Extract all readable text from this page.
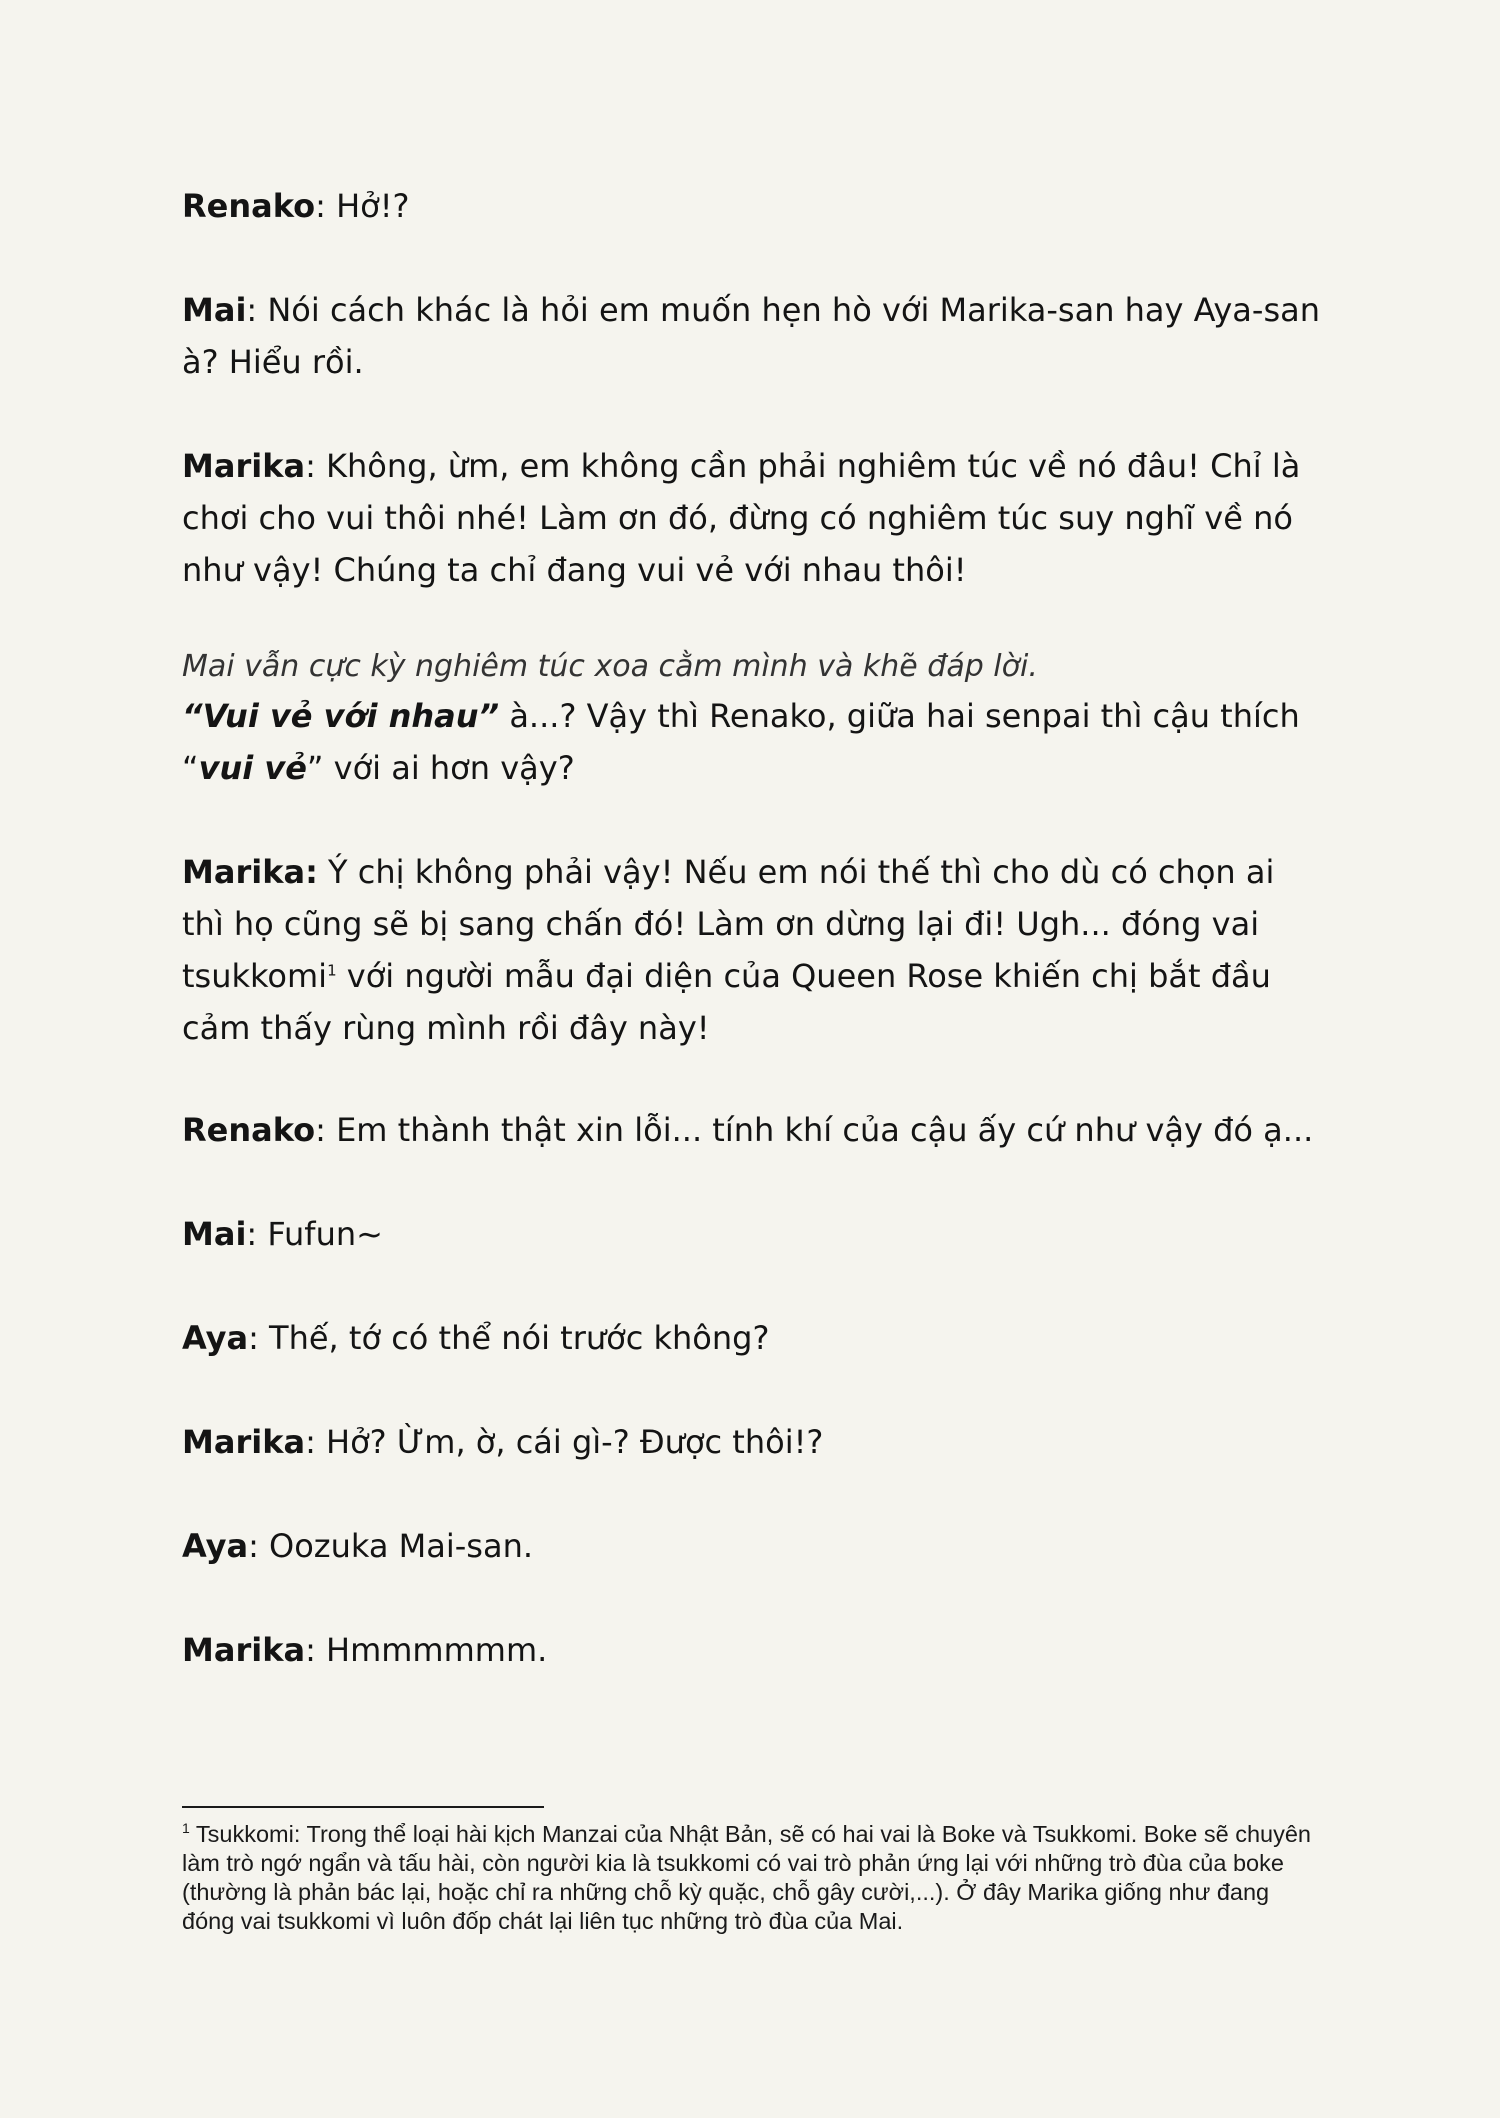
Renako: Hở!?

Mai: Nói cách khác là hỏi em muốn hẹn hò với Marika-san hay Aya-san à? Hiểu rồi.

Marika: Không, ừm, em không cần phải nghiêm túc về nó đâu! Chỉ là chơi cho vui thôi nhé! Làm ơn đó, đừng có nghiêm túc suy nghĩ về nó như vậy! Chúng ta chỉ đang vui vẻ với nhau thôi!

Mai vẫn cực kỳ nghiêm túc xoa cằm mình và khẽ đáp lời.

“Vui vẻ với nhau” à...? Vậy thì Renako, giữa hai senpai thì cậu thích “vui vẻ” với ai hơn vậy?

Marika: Ý chị không phải vậy! Nếu em nói thế thì cho dù có chọn ai thì họ cũng sẽ bị sang chấn đó! Làm ơn dừng lại đi! Ugh... đóng vai tsukkomi$^1$ với người mẫu đại diện của Queen Rose khiến chị bắt đầu cảm thấy rùng mình rồi đây này!

Renako: Em thành thật xin lỗi... tính khí của cậu ấy cứ như vậy đó ạ...

Mai: Fufun~

Aya: Thế, tớ có thể nói trước không?

Marika: Hở? Ừm, ờ, cái gì-? Được thôi!?

Aya: Oozuka Mai-san.

Marika: Hmmmmmm.

$^1$ Tsukkomi: Trong thể loại hài kịch Manzai của Nhật Bản, sẽ có hai vai là Boke và Tsukkomi. Boke sẽ chuyên làm trò ngớ ngẩn và tấu hài, còn người kia là tsukkomi có vai trò phản ứng lại với những trò đùa của boke (thường là phản bác lại, hoặc chỉ ra những chỗ kỳ quặc, chỗ gây cười,...). Ở đây Marika giống như đang đóng vai tsukkomi vì luôn đốp chát lại liên tục những trò đùa của Mai.
